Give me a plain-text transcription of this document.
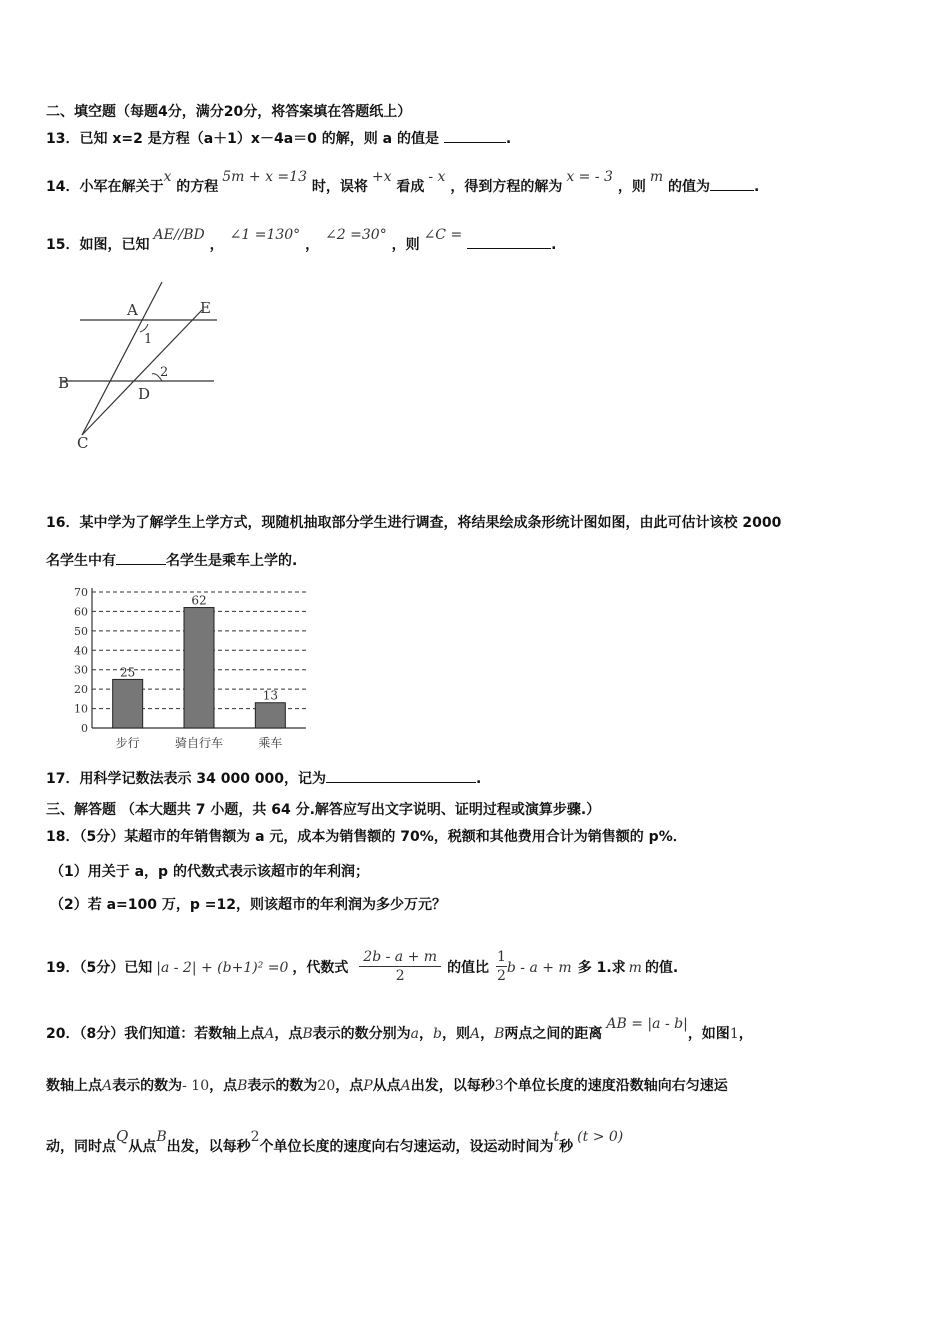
二、填空题（每题4分，满分20分，将答案填在答题纸上）
13．已知 x=2 是方程（a＋1）x－4a＝0 的解，则 a 的值是	.
14．小军在解关于x 的方程5m + x =13 时，误将+x 看成- x ，得到方程的解为x = - 3 ，则m 的值为	.
15．如图，已知AE//BD ，∠1 =130° ，∠2 =30° ，则∠C = .
A	E
B
D
C
1
2
16．某中学为了解学生上学方式，现随机抽取部分学生进行调查，将结果绘成条形统计图如图，由此可估计该校 2000
名学生中有	名学生是乘车上学的.
0
10
20
30
40
50
60
70
25
步行
62
骑自行车
13
乘车
17．用科学记数法表示 34 000 000，记为	.
三、解答题 （本大题共 7 小题，共 64 分.解答应写出文字说明、证明过程或演算步骤.）
18．（5分）某超市的年销售额为 a 元，成本为销售额的 70%，税额和其他费用合计为销售额的 p%．
（1）用关于 a，p 的代数式表示该超市的年利润；
（2）若 a=100 万，p =12，则该超市的年利润为多少万元？
19．（5分）已知 |a - 2| + (b+1)² =0 ，代数式 $\frac{2b - a + m}{2}$ 的值比 $\frac{1}{2}$ b - a + m 多 1.求 m 的值.
20．（8分）我们知道：若数轴上点A，点B表示的数分别为a，b，则A，B两点之间的距离AB = |a - b|，如图1，
数轴上点A表示的数为- 10，点B表示的数为20，点P从点A出发，以每秒3个单位长度的速度沿数轴向右匀速运
动，同时点Q从点B出发，以每秒2个单位长度的速度向右匀速运动，设运动时间为t秒(t > 0)
